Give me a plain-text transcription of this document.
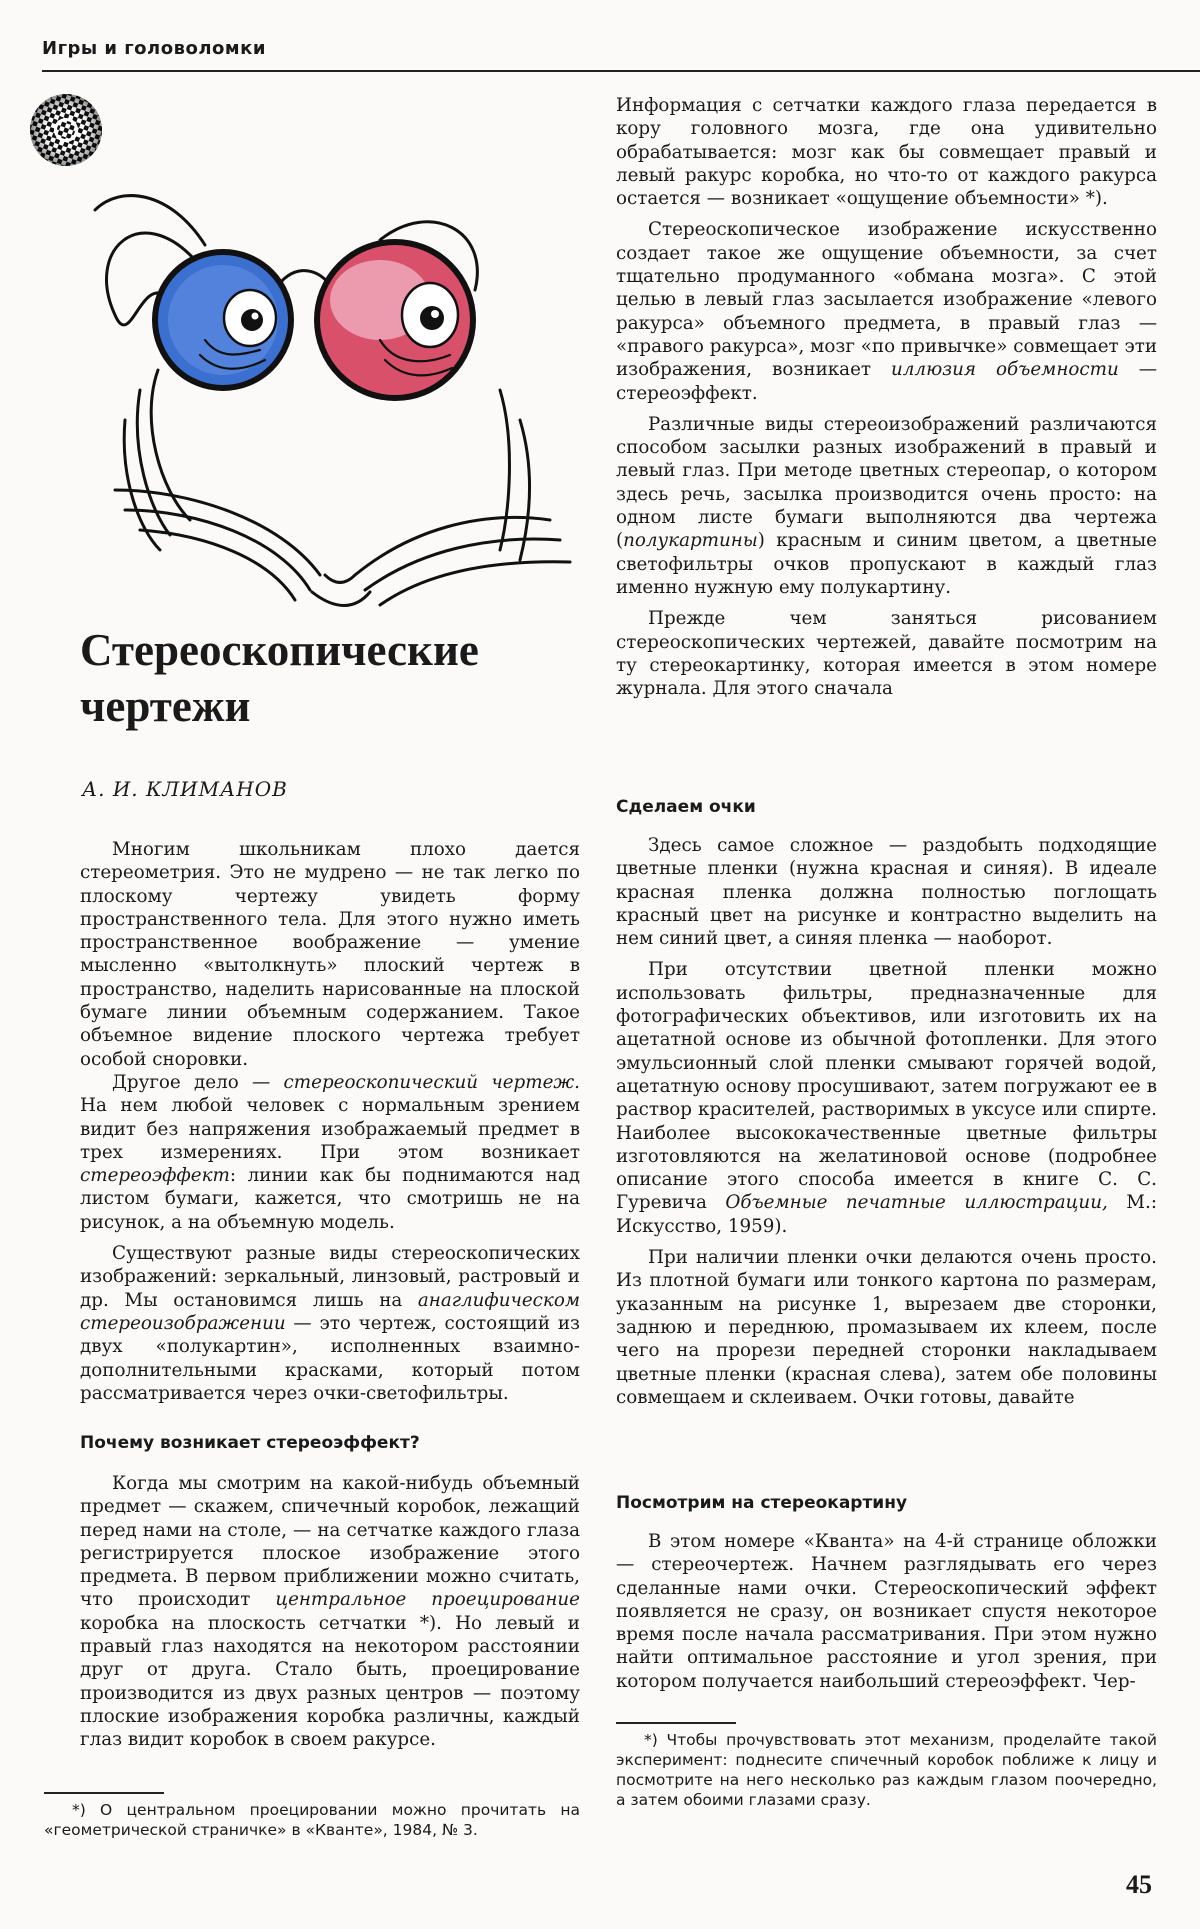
Игры и головоломки
Стереоскопические
чертежи

А. И. КЛИМАНОВ

Многим школьникам плохо дается стереометрия. Это не мудрено — не так легко по плоскому чертежу увидеть форму пространственного тела. Для этого нужно иметь пространственное воображение — умение мысленно «вытолкнуть» плоский чертеж в пространство, наделить нарисованные на плоской бумаге линии объемным содержанием. Такое объемное видение плоского чертежа требует особой сноровки.

Другое дело — стереоскопический чертеж. На нем любой человек с нормальным зрением видит без напряжения изображаемый предмет в трех измерениях. При этом возникает стереоэффект: линии как бы поднимаются над листом бумаги, кажется, что смотришь не на рисунок, а на объемную модель.

Существуют разные виды стереоскопических изображений: зеркальный, линзовый, растровый и др. Мы остановимся лишь на анаглифическом стереоизображении — это чертеж, состоящий из двух «полукартин», исполненных взаимно-дополнительными красками, который потом рассматривается через очки-светофильтры.

Почему возникает стереоэффект?

Когда мы смотрим на какой-нибудь объемный предмет — скажем, спичечный коробок, лежащий перед нами на столе, — на сетчатке каждого глаза регистрируется плоское изображение этого предмета. В первом приближении можно считать, что происходит центральное проецирование коробка на плоскость сетчатки *). Но левый и правый глаз находятся на некотором расстоянии друг от друга. Стало быть, проецирование производится из двух разных центров — поэтому плоские изображения коробка различны, каждый глаз видит коробок в своем ракурсе.

*) О центральном проецировании можно прочитать на «геометрической страничке» в «Кванте», 1984, № 3.

Информация с сетчатки каждого глаза передается в кору головного мозга, где она удивительно обрабатывается: мозг как бы совмещает правый и левый ракурс коробка, но что-то от каждого ракурса остается — возникает «ощущение объемности» *).

Стереоскопическое изображение искусственно создает такое же ощущение объемности, за счет тщательно продуманного «обмана мозга». С этой целью в левый глаз засылается изображение «левого ракурса» объемного предмета, в правый глаз — «правого ракурса», мозг «по привычке» совмещает эти изображения, возникает иллюзия объемности — стереоэффект.

Различные виды стереоизображений различаются способом засылки разных изображений в правый и левый глаз. При методе цветных стереопар, о котором здесь речь, засылка производится очень просто: на одном листе бумаги выполняются два чертежа (полукартины) красным и синим цветом, а цветные светофильтры очков пропускают в каждый глаз именно нужную ему полукартину.

Прежде чем заняться рисованием стереоскопических чертежей, давайте посмотрим на ту стереокартинку, которая имеется в этом номере журнала. Для этого сначала

Сделаем очки

Здесь самое сложное — раздобыть подходящие цветные пленки (нужна красная и синяя). В идеале красная пленка должна полностью поглощать красный цвет на рисунке и контрастно выделить на нем синий цвет, а синяя пленка — наоборот.

При отсутствии цветной пленки можно использовать фильтры, предназначенные для фотографических объективов, или изготовить их на ацетатной основе из обычной фотопленки. Для этого эмульсионный слой пленки смывают горячей водой, ацетатную основу просушивают, затем погружают ее в раствор красителей, растворимых в уксусе или спирте. Наиболее высококачественные цветные фильтры изготовляются на желатиновой основе (подробнее описание этого способа имеется в книге С. С. Гуревича Объемные печатные иллюстрации, М.: Искусство, 1959).

При наличии пленки очки делаются очень просто. Из плотной бумаги или тонкого картона по размерам, указанным на рисунке 1, вырезаем две сторонки, заднюю и переднюю, промазываем их клеем, после чего на прорези передней сторонки накладываем цветные пленки (красная слева), затем обе половины совмещаем и склеиваем. Очки готовы, давайте

Посмотрим на стереокартину

В этом номере «Кванта» на 4-й странице обложки — стереочертеж. Начнем разглядывать его через сделанные нами очки. Стереоскопический эффект появляется не сразу, он возникает спустя некоторое время после начала рассматривания. При этом нужно найти оптимальное расстояние и угол зрения, при котором получается наибольший стереоэффект. Чер-

*) Чтобы прочувствовать этот механизм, проделайте такой эксперимент: поднесите спичечный коробок поближе к лицу и посмотрите на него несколько раз каждым глазом поочередно, а затем обоими глазами сразу.

45
